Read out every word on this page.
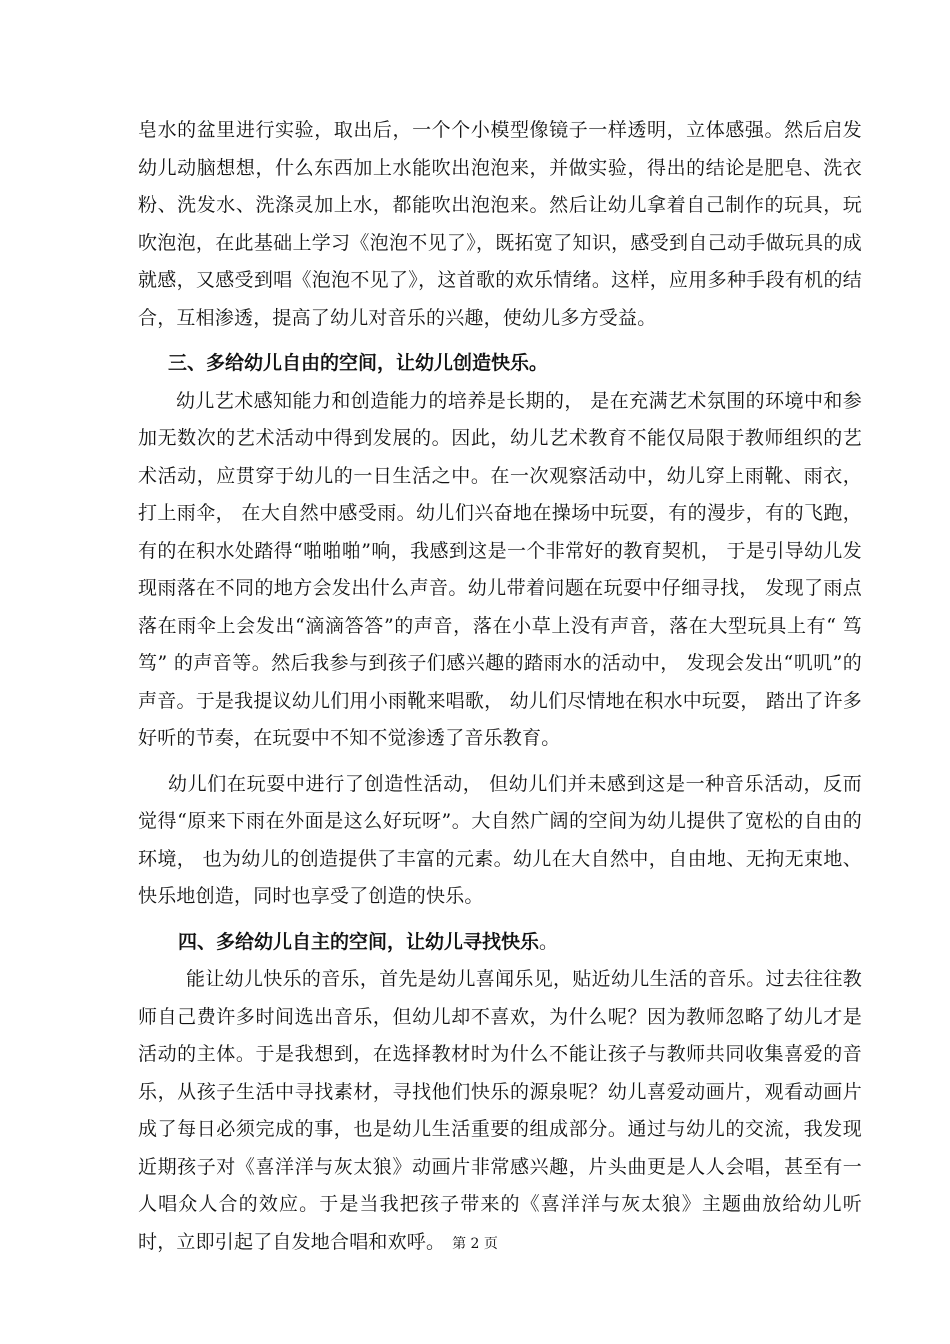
皂水的盆里进行实验，取出后，一个个小模型像镜子一样透明，立体感强。然后启发幼儿动脑想想，什么东西加上水能吹出泡泡来，并做实验，得出的结论是肥皂、洗衣粉、洗发水、洗涤灵加上水，都能吹出泡泡来。然后让幼儿拿着自己制作的玩具，玩吹泡泡，在此基础上学习《泡泡不见了》，既拓宽了知识，感受到自己动手做玩具的成就感，又感受到唱《泡泡不见了》，这首歌的欢乐情绪。这样，应用多种手段有机的结合，互相渗透，提高了幼儿对音乐的兴趣，使幼儿多方受益。

三、多给幼儿自由的空间，让幼儿创造快乐。

幼儿艺术感知能力和创造能力的培养是长期的， 是在充满艺术氛围的环境中和参加无数次的艺术活动中得到发展的。因此，幼儿艺术教育不能仅局限于教师组织的艺术活动，应贯穿于幼儿的一日生活之中。在一次观察活动中，幼儿穿上雨靴、雨衣， 打上雨伞， 在大自然中感受雨。幼儿们兴奋地在操场中玩耍，有的漫步，有的飞跑，有的在积水处踏得“啪啪啪”响，我感到这是一个非常好的教育契机， 于是引导幼儿发现雨落在不同的地方会发出什么声音。幼儿带着问题在玩耍中仔细寻找， 发现了雨点落在雨伞上会发出“滴滴答答”的声音，落在小草上没有声音，落在大型玩具上有“ 笃笃” 的声音等。然后我参与到孩子们感兴趣的踏雨水的活动中， 发现会发出“叽叽”的声音。于是我提议幼儿们用小雨靴来唱歌， 幼儿们尽情地在积水中玩耍， 踏出了许多好听的节奏，在玩耍中不知不觉渗透了音乐教育。

幼儿们在玩耍中进行了创造性活动， 但幼儿们并未感到这是一种音乐活动，反而觉得“原来下雨在外面是这么好玩呀”。大自然广阔的空间为幼儿提供了宽松的自由的环境， 也为幼儿的创造提供了丰富的元素。幼儿在大自然中，自由地、无拘无束地、快乐地创造，同时也享受了创造的快乐。

四、多给幼儿自主的空间，让幼儿寻找快乐。

能让幼儿快乐的音乐，首先是幼儿喜闻乐见，贴近幼儿生活的音乐。过去往往教师自己费许多时间选出音乐，但幼儿却不喜欢，为什么呢？因为教师忽略了幼儿才是活动的主体。于是我想到，在选择教材时为什么不能让孩子与教师共同收集喜爱的音乐，从孩子生活中寻找素材，寻找他们快乐的源泉呢？幼儿喜爱动画片，观看动画片成了每日必须完成的事，也是幼儿生活重要的组成部分。通过与幼儿的交流，我发现近期孩子对《喜洋洋与灰太狼》动画片非常感兴趣，片头曲更是人人会唱，甚至有一人唱众人合的效应。于是当我把孩子带来的《喜洋洋与灰太狼》主题曲放给幼儿听时，立即引起了自发地合唱和欢呼。 第 2 页
